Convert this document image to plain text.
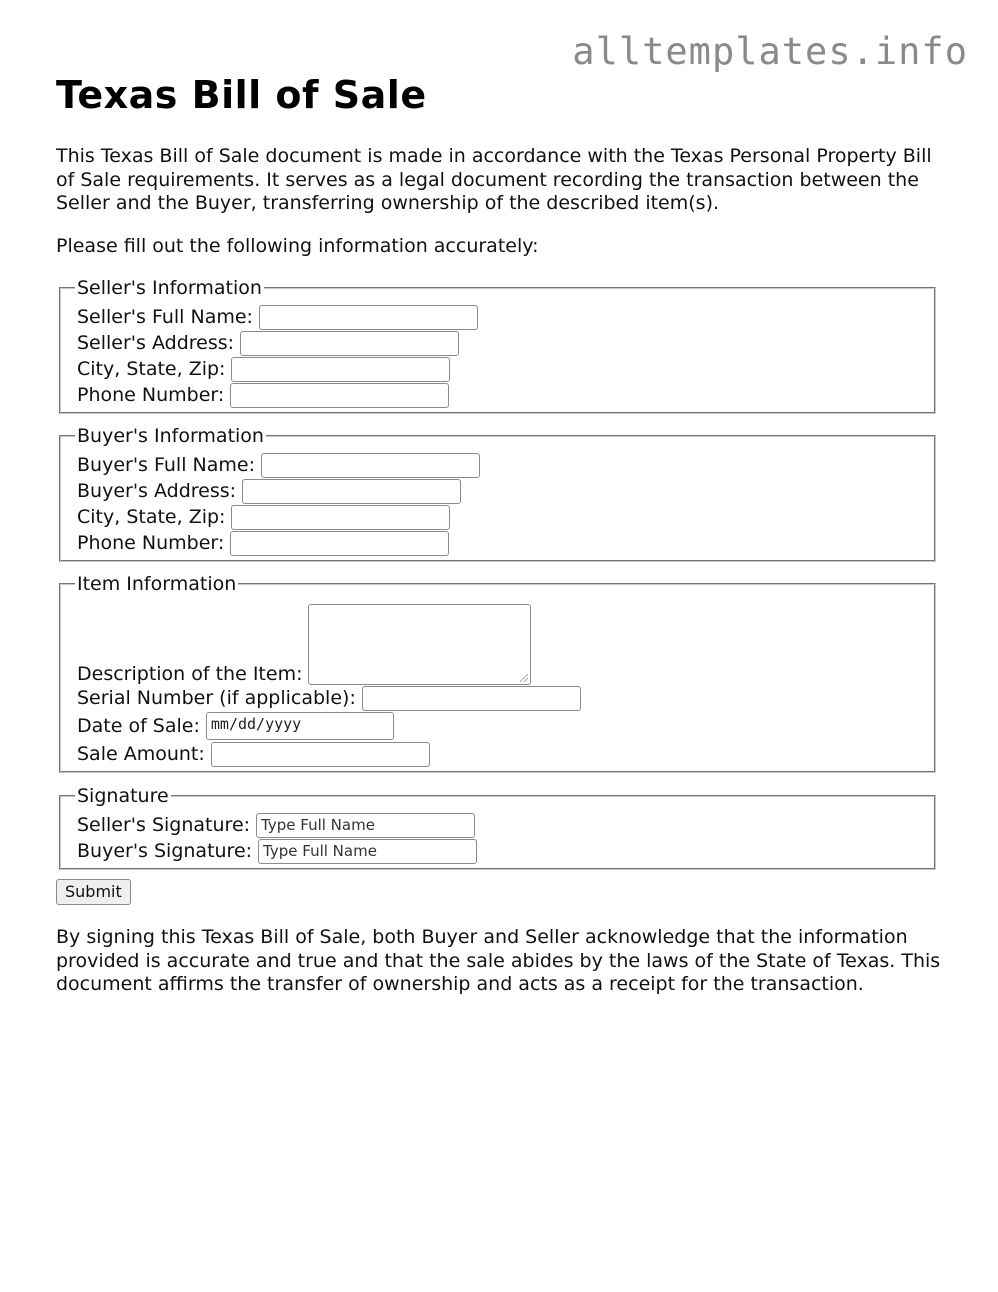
alltemplates.info
Texas Bill of Sale

This Texas Bill of Sale document is made in accordance with the Texas Personal Property Bill of Sale requirements. It serves as a legal document recording the transaction between the Seller and the Buyer, transferring ownership of the described item(s).

Please fill out the following information accurately:

Seller's Information
Seller's Full Name:
Seller's Address:
City, State, Zip:
Phone Number:
Buyer's Information
Buyer's Full Name:
Buyer's Address:
City, State, Zip:
Phone Number:
Item Information
Description of the Item:
Serial Number (if applicable):
Date of Sale: mm/dd/yyyy
Sale Amount:
Signature
Seller's Signature: Type Full Name
Buyer's Signature: Type Full Name
Submit

By signing this Texas Bill of Sale, both Buyer and Seller acknowledge that the information provided is accurate and true and that the sale abides by the laws of the State of Texas. This document affirms the transfer of ownership and acts as a receipt for the transaction.
